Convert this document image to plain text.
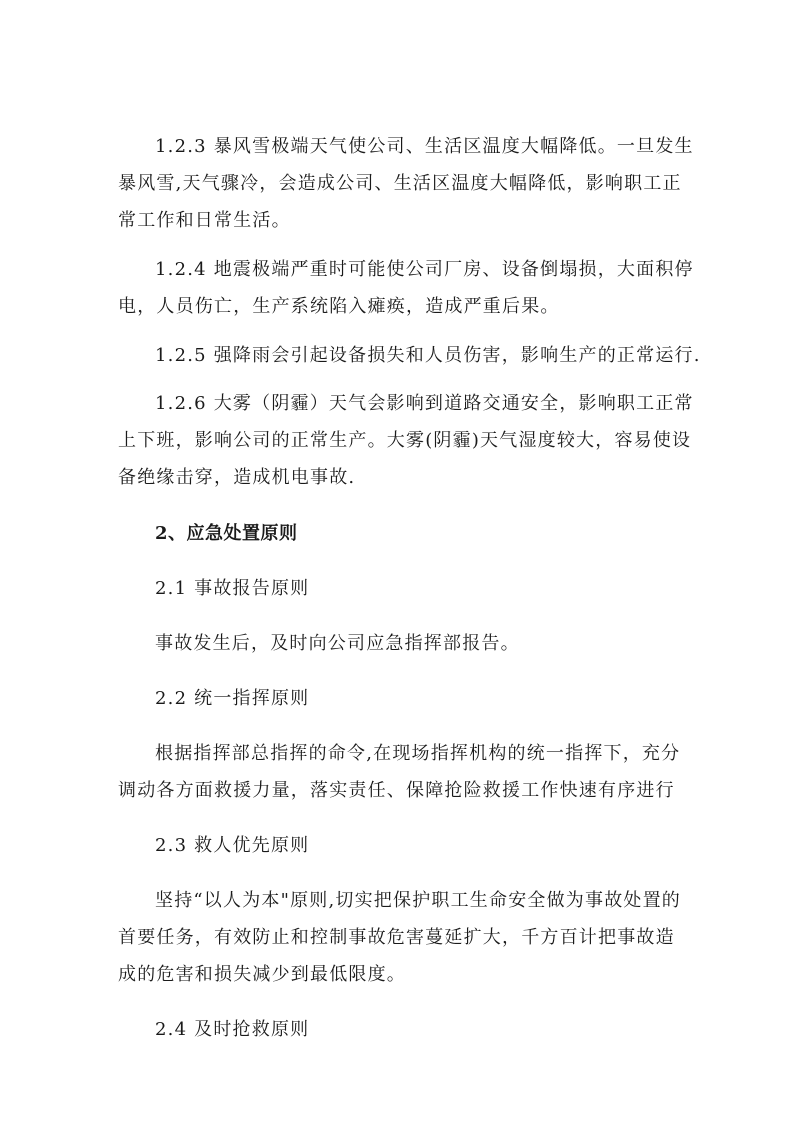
1.2.3 暴风雪极端天气使公司、生活区温度大幅降低。一旦发生
暴风雪,天气骤冷，会造成公司、生活区温度大幅降低，影响职工正
常工作和日常生活。
1.2.4 地震极端严重时可能使公司厂房、设备倒塌损，大面积停
电，人员伤亡，生产系统陷入瘫痪，造成严重后果。
1.2.5 强降雨会引起设备损失和人员伤害，影响生产的正常运行.
1.2.6 大雾（阴霾）天气会影响到道路交通安全，影响职工正常
上下班，影响公司的正常生产。大雾(阴霾)天气湿度较大，容易使设
备绝缘击穿，造成机电事故.
2、应急处置原则
2.1 事故报告原则
事故发生后，及时向公司应急指挥部报告。
2.2 统一指挥原则
根据指挥部总指挥的命令,在现场指挥机构的统一指挥下，充分
调动各方面救援力量，落实责任、保障抢险救援工作快速有序进行
2.3 救人优先原则
坚持“以人为本"原则,切实把保护职工生命安全做为事故处置的
首要任务，有效防止和控制事故危害蔓延扩大，千方百计把事故造
成的危害和损失减少到最低限度。
2.4 及时抢救原则
